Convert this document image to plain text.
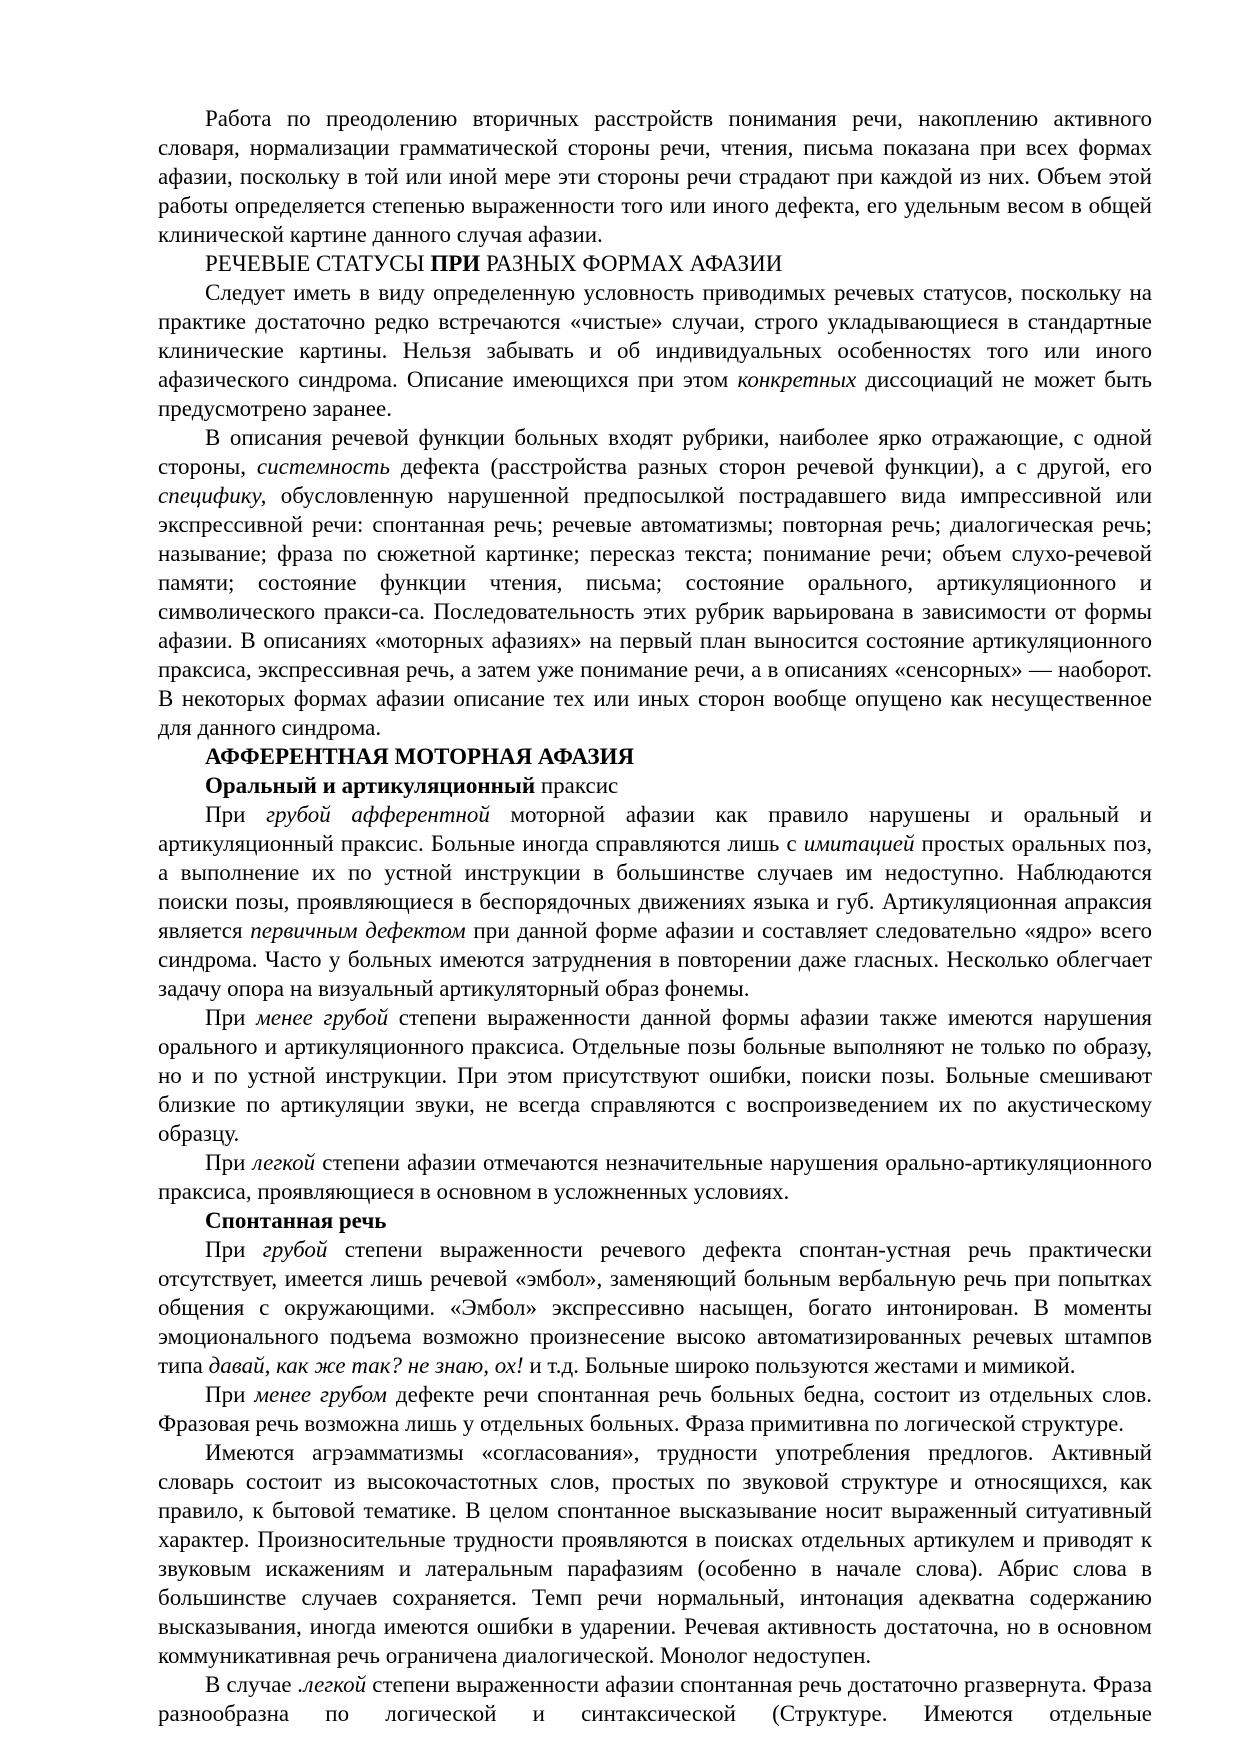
Работа по преодолению вторичных расстройств понимания речи, накоплению активного словаря, нормализации грамматической стороны речи, чтения, письма показана при всех формах афазии, поскольку в той или иной мере эти стороны речи страдают при каждой из них. Объем этой работы определяется степенью выраженности того или иного дефекта, его удельным весом в общей клинической картине данного случая афазии.

РЕЧЕВЫЕ СТАТУСЫ ПРИ РАЗНЫХ ФОРМАХ АФАЗИИ

Следует иметь в виду определенную условность приводимых речевых статусов, поскольку на практике достаточно редко встречаются «чистые» случаи, строго укладывающиеся в стандартные клинические картины. Нельзя забывать и об индивидуальных особенностях того или иного афазического синдрома. Описание имеющихся при этом конкретных диссоциаций не может быть предусмотрено заранее.

В описания речевой функции больных входят рубрики, наиболее ярко отражающие, с одной стороны, системность дефекта (расстройства разных сторон речевой функции), а с другой, его специфику, обусловленную нарушенной предпосылкой пострадавшего вида импрессивной или экспрессивной речи: спонтанная речь; речевые автоматизмы; повторная речь; диалогическая речь; называние; фраза по сюжетной картинке; пересказ текста; понимание речи; объем слухо-речевой памяти; состояние функции чтения, письма; состояние орального, артикуляционного и символического пракси-са. Последовательность этих рубрик варьирована в зависимости от формы афазии. В описаниях «моторных афазиях» на первый план выносится состояние артикуляционного праксиса, экспрессивная речь, а затем уже понимание речи, а в описаниях «сенсорных» — наоборот. В некоторых формах афазии описание тех или иных сторон вообще опущено как несущественное для данного синдрома.

АФФЕРЕНТНАЯ МОТОРНАЯ АФАЗИЯ

Оральный и артикуляционный праксис

При грубой афферентной моторной афазии как правило нарушены и оральный и артикуляционный праксис. Больные иногда справляются лишь с имитацией простых оральных поз, а выполнение их по устной инструкции в большинстве случаев им недоступно. Наблюдаются поиски позы, проявляющиеся в беспорядочных движениях языка и губ. Артикуляционная апраксия является первичным дефектом при данной форме афазии и составляет следовательно «ядро» всего синдрома. Часто у больных имеются затруднения в повторении даже гласных. Несколько облегчает задачу опора на визуальный артикуляторный образ фонемы.

При менее грубой степени выраженности данной формы афазии также имеются нарушения орального и артикуляционного праксиса. Отдельные позы больные выполняют не только по образу, но и по устной инструкции. При этом присутствуют ошибки, поиски позы. Больные смешивают близкие по артикуляции звуки, не всегда справляются с воспроизведением их по акустическому образцу.

При легкой степени афазии отмечаются незначительные нарушения орально-артикуляционного праксиса, проявляющиеся в основном в усложненных условиях.

Спонтанная речь

При грубой степени выраженности речевого дефекта спонтан-устная речь практически отсутствует, имеется лишь речевой «эмбол», заменяющий больным вербальную речь при попытках общения с окружающими. «Эмбол» экспрессивно насыщен, богато интонирован. В моменты эмоционального подъема возможно произнесение высоко автоматизированных речевых штампов типа давай, как же так? не знаю, ох! и т.д. Больные широко пользуются жестами и мимикой.

При менее грубом дефекте речи спонтанная речь больных бедна, состоит из отдельных слов. Фразовая речь возможна лишь у отдельных больных. Фраза примитивна по логической структуре.

Имеются агрэамматизмы «согласования», трудности употребления предлогов. Активный словарь состоит из высокочастотных слов, простых по звуковой структуре и относящихся, как правило, к бытовой тематике. В целом спонтанное высказывание носит выраженный ситуативный характер. Произносительные трудности проявляются в поисках отдельных артикулем и приводят к звуковым искажениям и латеральным парафазиям (особенно в начале слова). Абрис слова в большинстве случаев сохраняется. Темп речи нормальный, интонация адекватна содержанию высказывания, иногда имеются ошибки в ударении. Речевая активность достаточна, но в основном коммуникативная речь ограничена диалогической. Монолог недоступен.

В случае .легкой степени выраженности афазии спонтанная речь достаточно ргазвернута. Фраза разнообразна по логической и синтаксической (Структуре. Имеются отдельные
